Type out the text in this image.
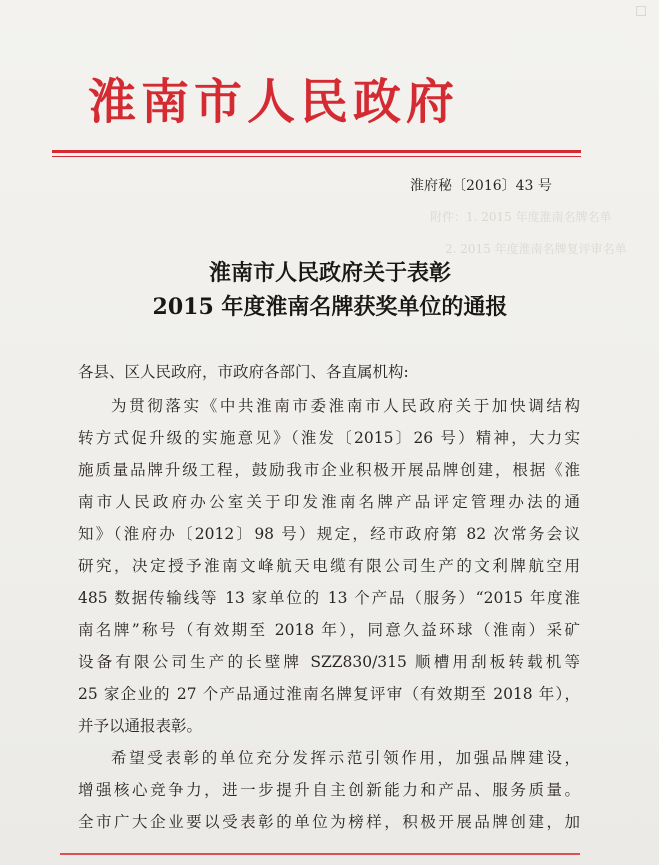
附件：1. 2015 年度淮南名牌名单
2. 2015 年度淮南名牌复评审名单
淮南市人民政府
淮府秘〔2016〕43 号
淮南市人民政府关于表彰
2015 年度淮南名牌获奖单位的通报
各县、区人民政府，市政府各部门、各直属机构:
为贯彻落实《中共淮南市委淮南市人民政府关于加快调结构
转方式促升级的实施意见》（淮发〔2015〕26 号）精神，大力实
施质量品牌升级工程，鼓励我市企业积极开展品牌创建，根据《淮
南市人民政府办公室关于印发淮南名牌产品评定管理办法的通
知》（淮府办〔2012〕98 号）规定，经市政府第 82 次常务会议
研究，决定授予淮南文峰航天电缆有限公司生产的文利牌航空用
485 数据传输线等 13 家单位的 13 个产品（服务）“2015 年度淮
南名牌”称号（有效期至 2018 年），同意久益环球（淮南）采矿
设备有限公司生产的长壁牌 SZZ830/315 顺槽用刮板转载机等
25 家企业的 27 个产品通过淮南名牌复评审（有效期至 2018 年），
并予以通报表彰。
希望受表彰的单位充分发挥示范引领作用，加强品牌建设，
增强核心竞争力，进一步提升自主创新能力和产品、服务质量。
全市广大企业要以受表彰的单位为榜样，积极开展品牌创建，加
